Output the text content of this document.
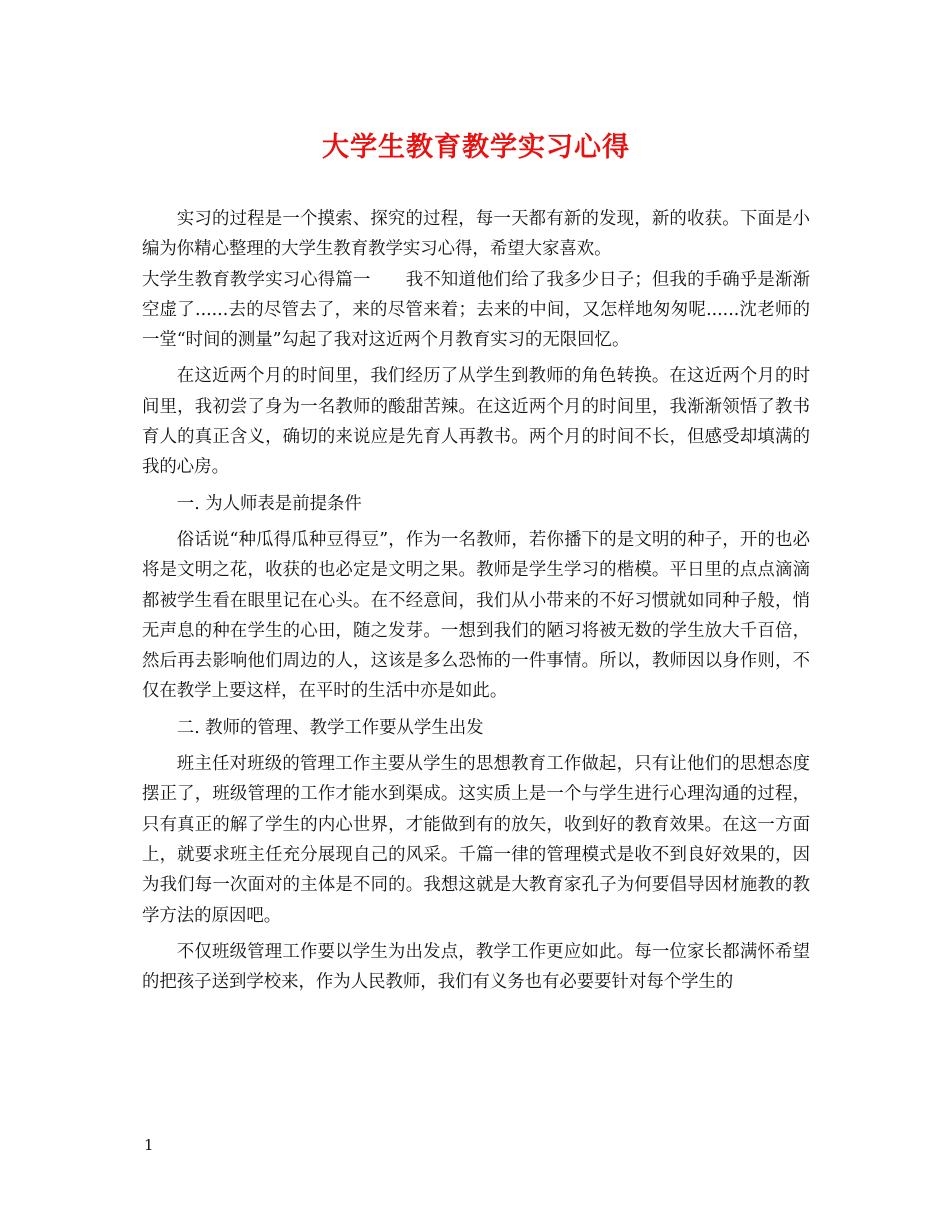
大学生教育教学实习心得

实习的过程是一个摸索、探究的过程，每一天都有新的发现，新的收获。下面是小编为你精心整理的大学生教育教学实习心得，希望大家喜欢。

大学生教育教学实习心得篇一　　我不知道他们给了我多少日子；但我的手确乎是渐渐空虚了......去的尽管去了，来的尽管来着；去来的中间，又怎样地匆匆呢......沈老师的一堂“时间的测量”勾起了我对这近两个月教育实习的无限回忆。

在这近两个月的时间里，我们经历了从学生到教师的角色转换。在这近两个月的时间里，我初尝了身为一名教师的酸甜苦辣。在这近两个月的时间里，我渐渐领悟了教书育人的真正含义，确切的来说应是先育人再教书。两个月的时间不长，但感受却填满的我的心房。

一. 为人师表是前提条件

俗话说“种瓜得瓜种豆得豆”，作为一名教师，若你播下的是文明的种子，开的也必将是文明之花，收获的也必定是文明之果。教师是学生学习的楷模。平日里的点点滴滴都被学生看在眼里记在心头。在不经意间，我们从小带来的不好习惯就如同种子般，悄无声息的种在学生的心田，随之发芽。一想到我们的陋习将被无数的学生放大千百倍，然后再去影响他们周边的人，这该是多么恐怖的一件事情。所以，教师因以身作则，不仅在教学上要这样，在平时的生活中亦是如此。

二. 教师的管理、教学工作要从学生出发

班主任对班级的管理工作主要从学生的思想教育工作做起，只有让他们的思想态度摆正了，班级管理的工作才能水到渠成。这实质上是一个与学生进行心理沟通的过程，只有真正的解了学生的内心世界，才能做到有的放矢，收到好的教育效果。在这一方面上，就要求班主任充分展现自己的风采。千篇一律的管理模式是收不到良好效果的，因为我们每一次面对的主体是不同的。我想这就是大教育家孔子为何要倡导因材施教的教学方法的原因吧。

不仅班级管理工作要以学生为出发点，教学工作更应如此。每一位家长都满怀希望的把孩子送到学校来，作为人民教师，我们有义务也有必要要针对每个学生的

1
